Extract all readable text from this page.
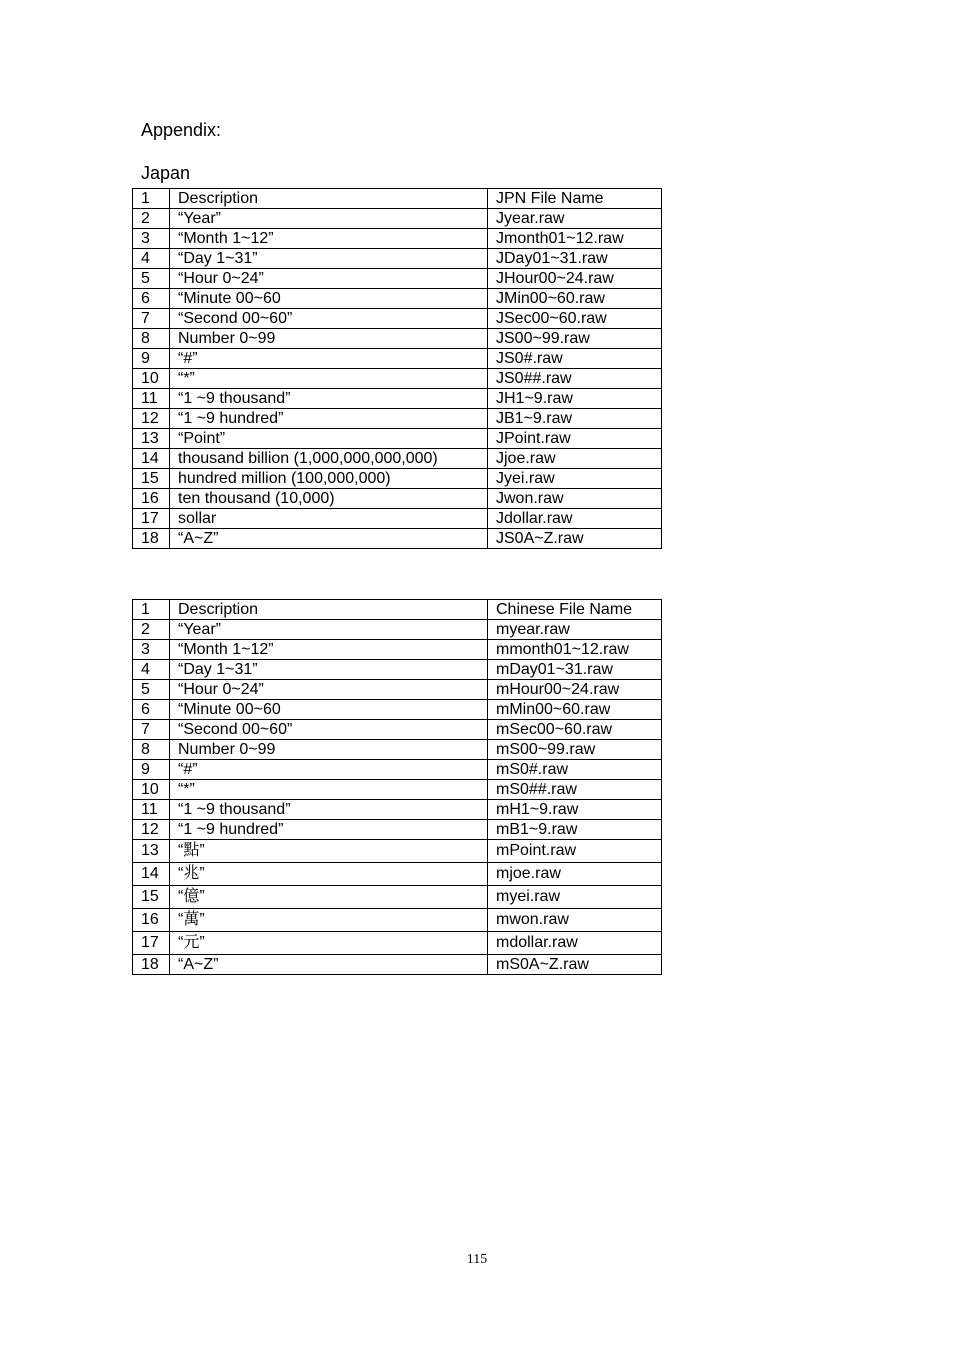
Appendix:
Japan
1	Description	JPN File Name
2	“Year”	Jyear.raw
3	“Month 1~12”	Jmonth01~12.raw
4	“Day 1~31”	JDay01~31.raw
5	“Hour 0~24”	JHour00~24.raw
6	“Minute 00~60	JMin00~60.raw
7	“Second 00~60”	JSec00~60.raw
8	Number 0~99	JS00~99.raw
9	“#”	JS0#.raw
10	“*”	JS0##.raw
11	“1 ~9 thousand”	JH1~9.raw
12	“1 ~9 hundred”	JB1~9.raw
13	“Point”	JPoint.raw
14	thousand billion (1,000,000,000,000)	Jjoe.raw
15	hundred million (100,000,000)	Jyei.raw
16	ten thousand (10,000)	Jwon.raw
17	sollar	Jdollar.raw
18	“A~Z”	JS0A~Z.raw
1	Description	Chinese File Name
2	“Year”	myear.raw
3	“Month 1~12”	mmonth01~12.raw
4	“Day 1~31”	mDay01~31.raw
5	“Hour 0~24”	mHour00~24.raw
6	“Minute 00~60	mMin00~60.raw
7	“Second 00~60”	mSec00~60.raw
8	Number 0~99	mS00~99.raw
9	“#”	mS0#.raw
10	“*”	mS0##.raw
11	“1 ~9 thousand”	mH1~9.raw
12	“1 ~9 hundred”	mB1~9.raw
13	“點”	mPoint.raw
14	“兆”	mjoe.raw
15	“億”	myei.raw
16	“萬”	mwon.raw
17	“元”	mdollar.raw
18	“A~Z”	mS0A~Z.raw
115
